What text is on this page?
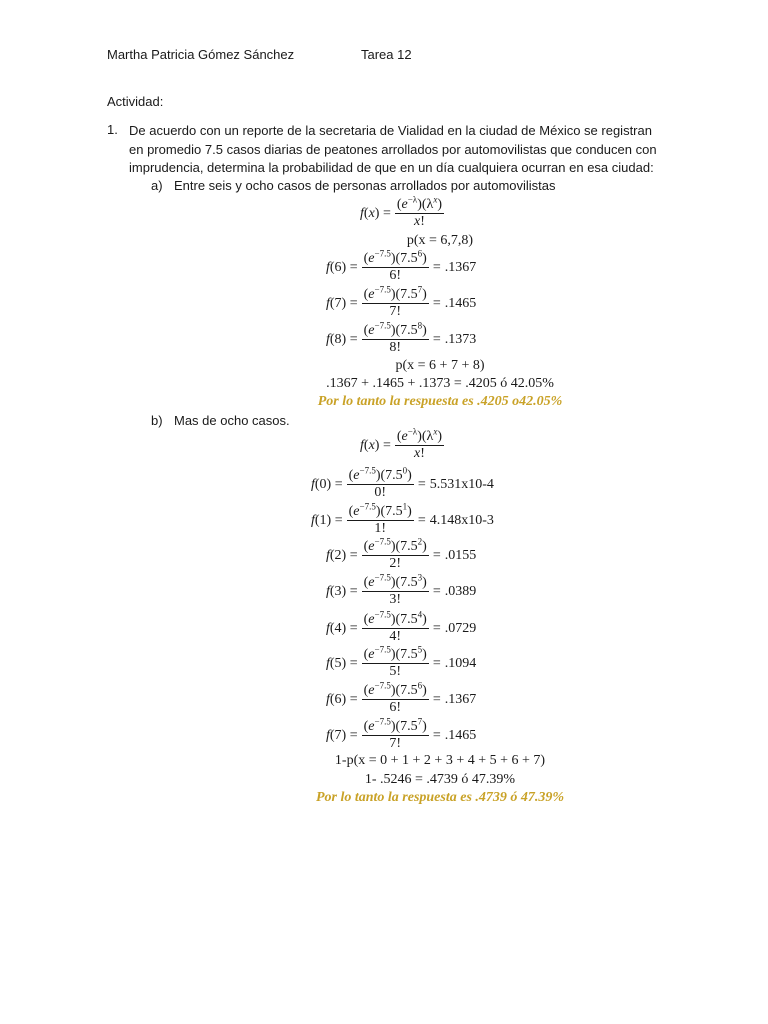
Martha Patricia Gómez Sánchez	Tarea 12
Actividad:
1. De acuerdo con un reporte de la secretaria de Vialidad en la ciudad de México se registran en promedio 7.5 casos diarias de peatones arrollados por automovilistas que conducen con imprudencia, determina la probabilidad de que en un día cualquiera ocurran en esa ciudad:
a) Entre seis y ocho casos de personas arrollados por automovilistas
$f(x) = \frac{(e^{-\lambda})(\lambda^x)}{x!}$
p(x = 6,7,8)
$f(6) = \frac{(e^{-7.5})(7.5^6)}{6!} = .1367$
$f(7) = \frac{(e^{-7.5})(7.5^7)}{7!} = .1465$
$f(8) = \frac{(e^{-7.5})(7.5^8)}{8!} = .1373$
p(x = 6 + 7 + 8)
.1367 + .1465 + .1373 = .4205 ó 42.05%
Por lo tanto la respuesta es .4205 o42.05%
b) Mas de ocho casos.
$f(x) = \frac{(e^{-\lambda})(\lambda^x)}{x!}$
$f(0) = \frac{(e^{-7.5})(7.5^0)}{0!} = 5.531x10-4$
$f(1) = \frac{(e^{-7.5})(7.5^1)}{1!} = 4.148x10-3$
$f(2) = \frac{(e^{-7.5})(7.5^2)}{2!} = .0155$
$f(3) = \frac{(e^{-7.5})(7.5^3)}{3!} = .0389$
$f(4) = \frac{(e^{-7.5})(7.5^4)}{4!} = .0729$
$f(5) = \frac{(e^{-7.5})(7.5^5)}{5!} = .1094$
$f(6) = \frac{(e^{-7.5})(7.5^6)}{6!} = .1367$
$f(7) = \frac{(e^{-7.5})(7.5^7)}{7!} = .1465$
1-p(x = 0 + 1 + 2 + 3 + 4 + 5 + 6 + 7)
1- .5246 = .4739 ó 47.39%
Por lo tanto la respuesta es .4739 ó 47.39%
